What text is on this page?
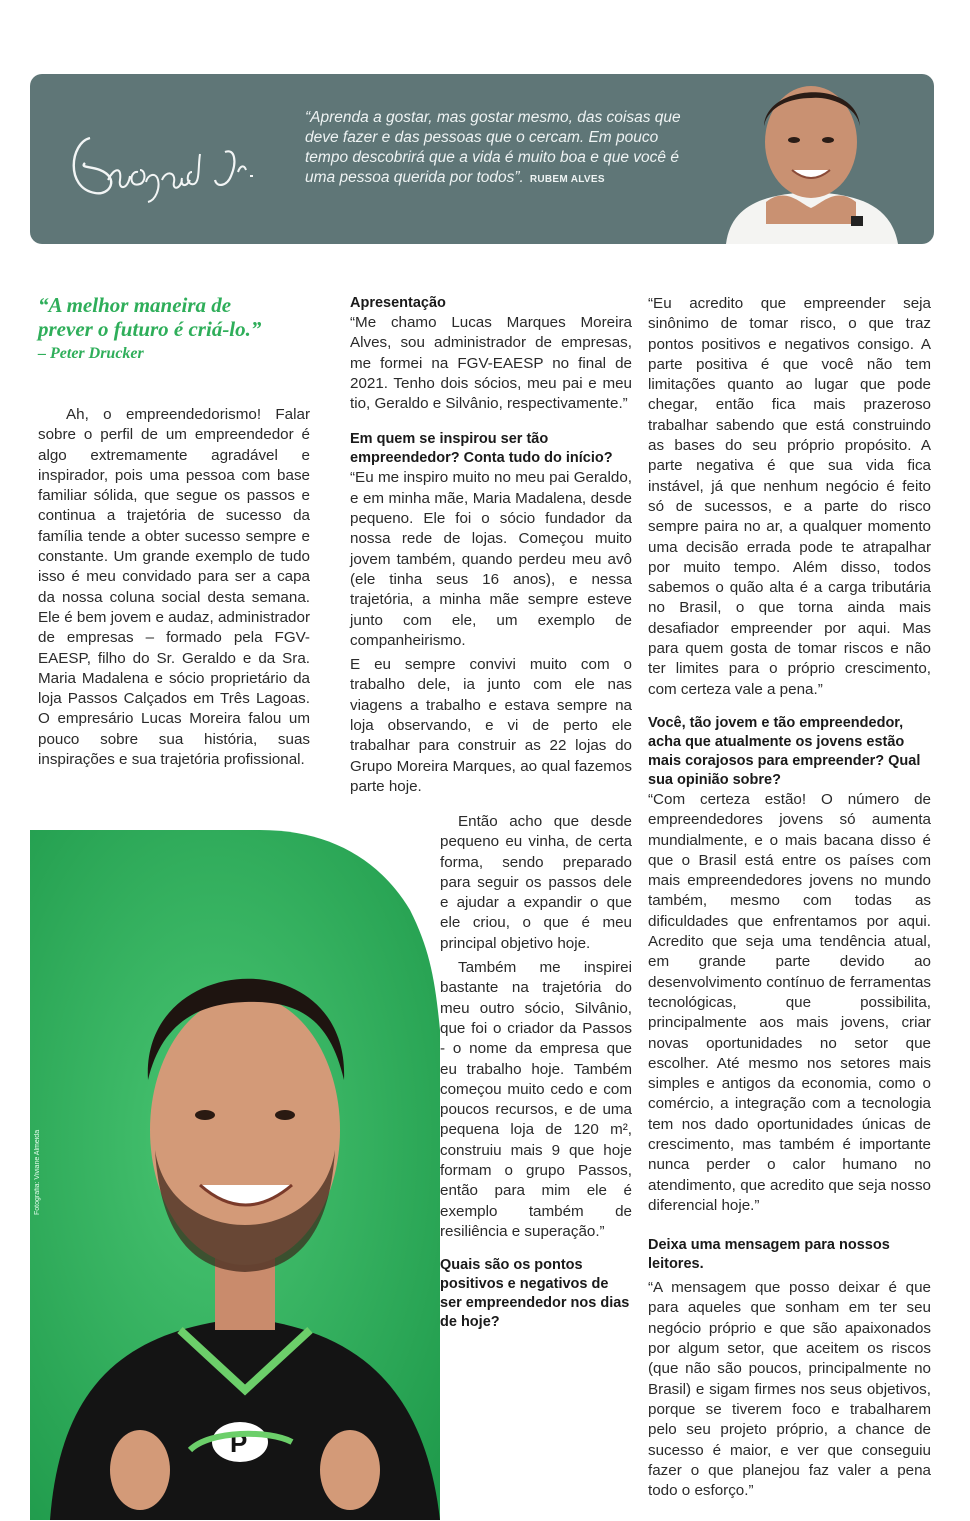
“Aprenda a gostar, mas gostar mesmo, das coisas que deve fazer e das pessoas que o cercam. Em pouco tempo descobrirá que a vida é muito boa e que você é uma pessoa querida por todos”. RUBEM ALVES
“A melhor maneira de prever o futuro é criá-lo.”
– Peter Drucker

Ah, o empreendedorismo! Falar sobre o perfil de um empreendedor é algo extremamente agradável e inspirador, pois uma pessoa com base familiar sólida, que segue os passos e continua a trajetória de sucesso da família tende a obter sucesso sempre e constante. Um grande exemplo de tudo isso é meu convidado para ser a capa da nossa coluna social desta semana. Ele é bem jovem e audaz, administrador de empresas – formado pela FGV-EAESP, filho do Sr. Geraldo e da Sra. Maria Madalena e sócio proprietário da loja Passos Calçados em Três Lagoas. O empresário Lucas Moreira falou um pouco sobre sua história, suas inspirações e sua trajetória profissional.

P
Fotografia: Viviane Almeida
Apresentação

“Me chamo Lucas Marques Moreira Alves, sou administrador de empresas, me formei na FGV-EAESP no final de 2021. Tenho dois sócios, meu pai e meu tio, Geraldo e Silvânio, respectivamente.”

Em quem se inspirou ser tão empreendedor? Conta tudo do início?

“Eu me inspiro muito no meu pai Geraldo, e em minha mãe, Maria Madalena, desde pequeno. Ele foi o sócio fundador da nossa rede de lojas. Começou muito jovem também, quando perdeu meu avô (ele tinha seus 16 anos), e nessa trajetória, a minha mãe sempre esteve junto com ele, um exemplo de companheirismo.

E eu sempre convivi muito com o trabalho dele, ia junto com ele nas viagens a trabalho e estava sempre na loja observando, e vi de perto ele trabalhar para construir as 22 lojas do Grupo Moreira Marques, ao qual fazemos parte hoje.

Então acho que desde pequeno eu vinha, de certa forma, sendo preparado para seguir os passos dele e ajudar a expandir o que ele criou, o que é meu principal objetivo hoje.

Também me inspirei bastante na trajetória do meu outro sócio, Silvânio, que foi o criador da Passos - o nome da empresa que eu trabalho hoje. Também começou muito cedo e com poucos recursos, e de uma pequena loja de 120 m², construiu mais 9 que hoje formam o grupo Passos, então para mim ele é exemplo também de resiliência e superação.”

Quais são os pontos positivos e negativos de ser empreendedor nos dias de hoje?

“Eu acredito que empreender seja sinônimo de tomar risco, o que traz pontos positivos e negativos consigo. A parte positiva é que você não tem limitações quanto ao lugar que pode chegar, então fica mais prazeroso trabalhar sabendo que está construindo as bases do seu próprio propósito. A parte negativa é que sua vida fica instável, já que nenhum negócio é feito só de sucessos, e a parte do risco sempre paira no ar, a qualquer momento uma decisão errada pode te atrapalhar por muito tempo. Além disso, todos sabemos o quão alta é a carga tributária no Brasil, o que torna ainda mais desafiador empreender por aqui. Mas para quem gosta de tomar riscos e não ter limites para o próprio crescimento, com certeza vale a pena.”

Você, tão jovem e tão empreendedor, acha que atualmente os jovens estão mais corajosos para empreender? Qual sua opinião sobre?

“Com certeza estão! O número de empreendedores jovens só aumenta mundialmente, e o mais bacana disso é que o Brasil está entre os países com mais empreendedores jovens no mundo também, mesmo com todas as dificuldades que enfrentamos por aqui. Acredito que seja uma tendência atual, em grande parte devido ao desenvolvimento contínuo de ferramentas tecnológicas, que possibilita, principalmente aos mais jovens, criar novas oportunidades no setor que escolher. Até mesmo nos setores mais simples e antigos da economia, como o comércio, a integração com a tecnologia tem nos dado oportunidades únicas de crescimento, mas também é importante nunca perder o calor humano no atendimento, que acredito que seja nosso diferencial hoje.”

Deixa uma mensagem para nossos leitores.

“A mensagem que posso deixar é que para aqueles que sonham em ter seu negócio próprio e que são apaixonados por algum setor, que aceitem os riscos (que não são poucos, principalmente no Brasil) e sigam firmes nos seus objetivos, porque se tiverem foco e trabalharem pelo seu projeto próprio, a chance de sucesso é maior, e ver que conseguiu fazer o que planejou faz valer a pena todo o esforço.”
